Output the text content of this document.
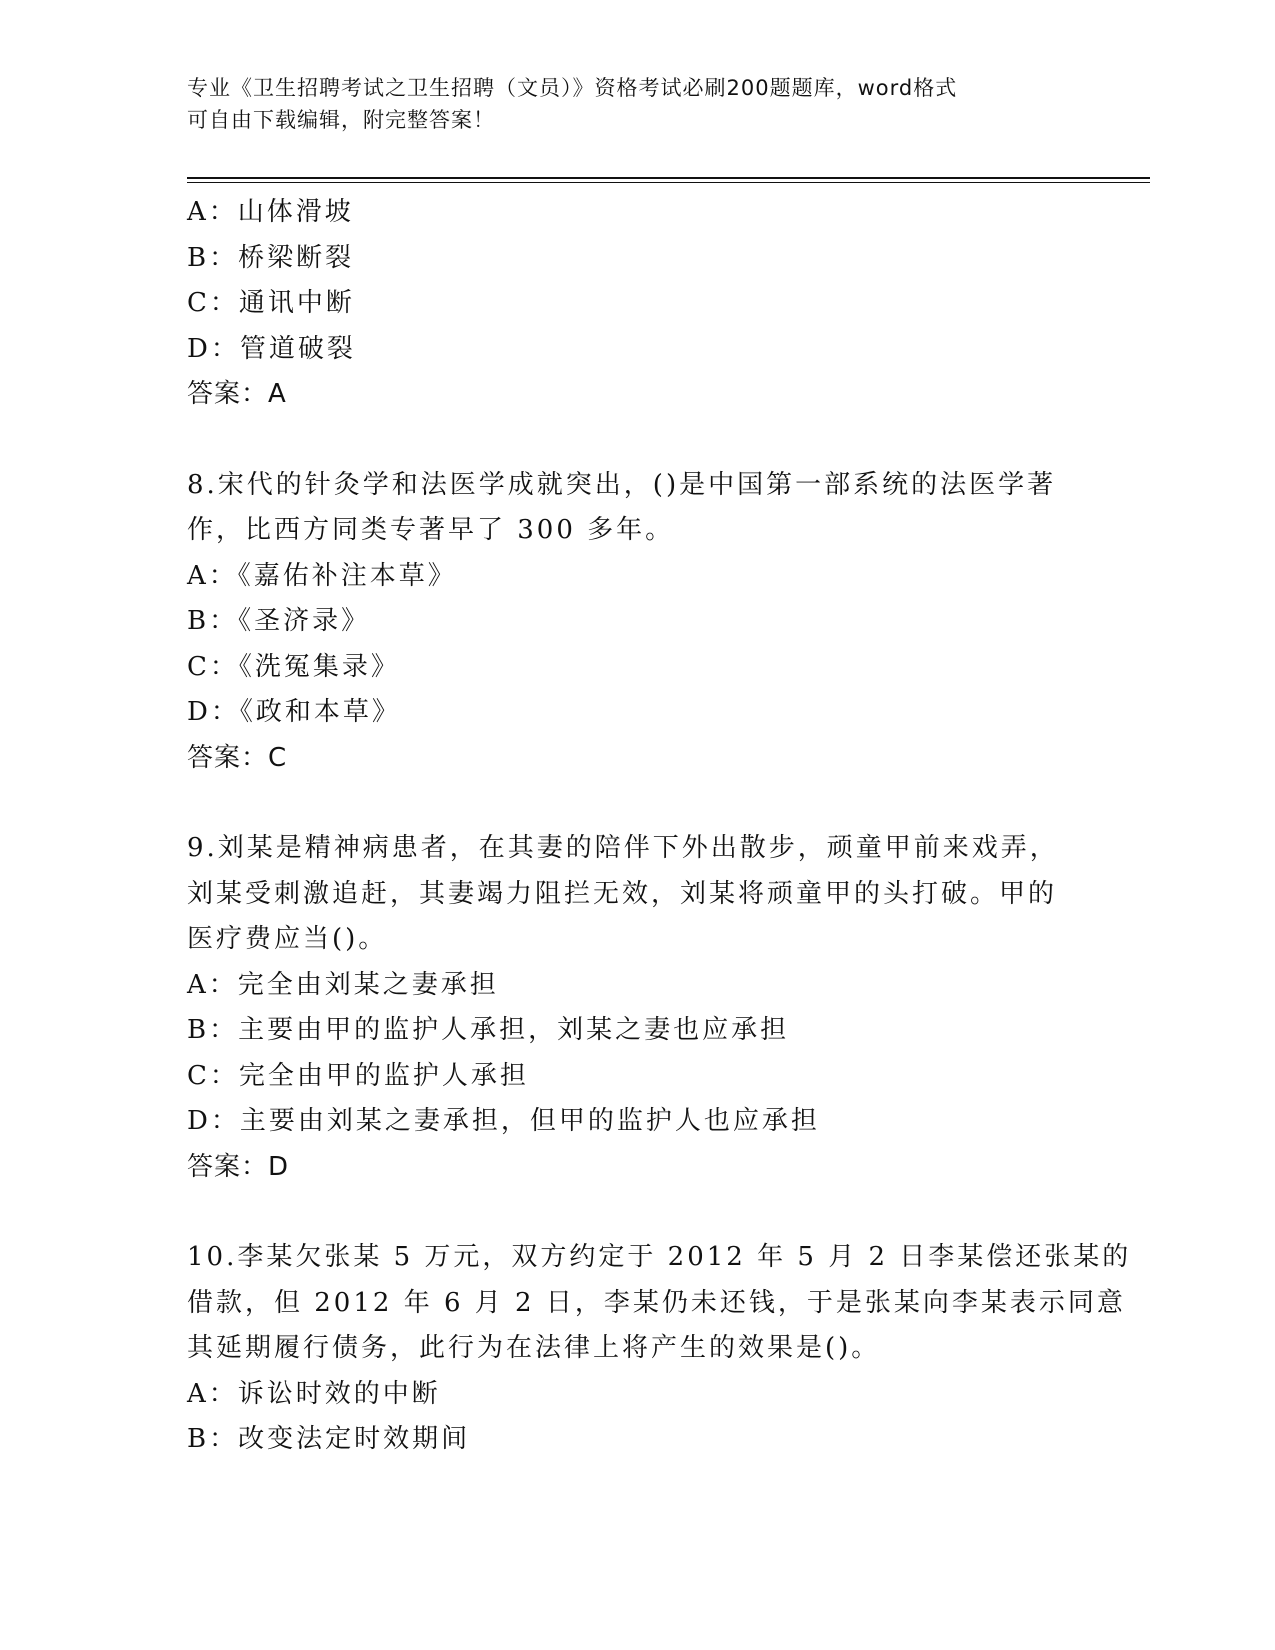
专业《卫生招聘考试之卫生招聘（文员）》资格考试必刷200题题库，word格式
可自由下载编辑，附完整答案！
A：山体滑坡
B：桥梁断裂
C：通讯中断
D：管道破裂
答案：A
8.宋代的针灸学和法医学成就突出，()是中国第一部系统的法医学著
作，比西方同类专著早了 300 多年。
A：《嘉佑补注本草》
B：《圣济录》
C：《洗冤集录》
D：《政和本草》
答案：C
9.刘某是精神病患者，在其妻的陪伴下外出散步，顽童甲前来戏弄，
刘某受刺激追赶，其妻竭力阻拦无效，刘某将顽童甲的头打破。甲的
医疗费应当()。
A：完全由刘某之妻承担
B：主要由甲的监护人承担，刘某之妻也应承担
C：完全由甲的监护人承担
D：主要由刘某之妻承担，但甲的监护人也应承担
答案：D
10.李某欠张某 5 万元，双方约定于 2012 年 5 月 2 日李某偿还张某的
借款，但 2012 年 6 月 2 日，李某仍未还钱，于是张某向李某表示同意
其延期履行债务，此行为在法律上将产生的效果是()。
A：诉讼时效的中断
B：改变法定时效期间
